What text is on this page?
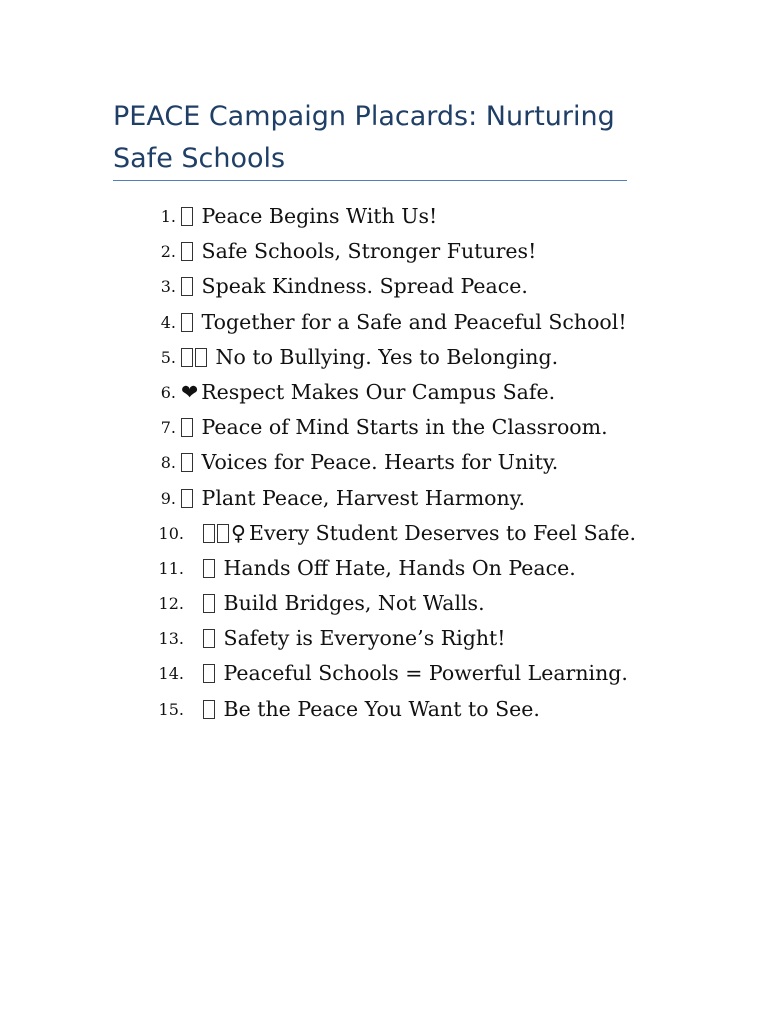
PEACE Campaign Placards: Nurturing Safe Schools
1.	Peace Begins With Us!
2.	Safe Schools, Stronger Futures!
3.	Speak Kindness. Spread Peace.
4.	Together for a Safe and Peaceful School!
5.	No to Bullying. Yes to Belonging.
6. ❤ Respect Makes Our Campus Safe.
7.	Peace of Mind Starts in the Classroom.
8.	Voices for Peace. Hearts for Unity.
9.	Plant Peace, Harvest Harmony.
10.	♀ Every Student Deserves to Feel Safe.
11.	Hands Off Hate, Hands On Peace.
12.	Build Bridges, Not Walls.
13.	Safety is Everyone’s Right!
14.	Peaceful Schools = Powerful Learning.
15.	Be the Peace You Want to See.
